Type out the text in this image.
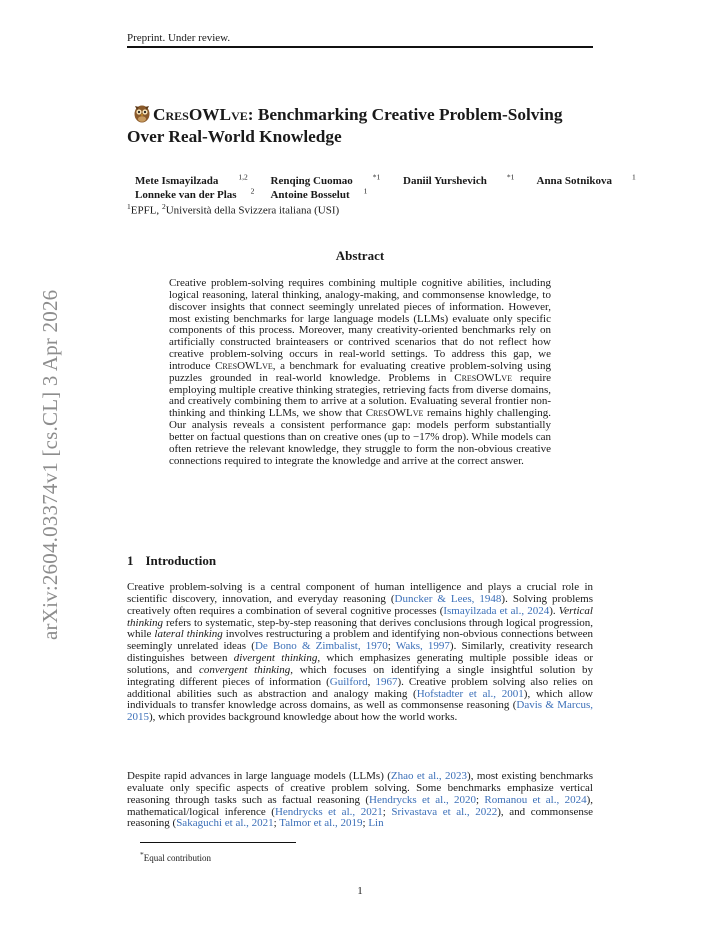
Preprint. Under review.
arXiv:2604.03374v1 [cs.CL] 3 Apr 2026
CresOWLve: Benchmarking Creative Problem-Solving
Over Real-World Knowledge
Mete Ismayilzada	$^{1,2}$ Renqing Cuomao	$^{*1}$ Daniil Yurshevich	$^{*1}$ Anna Sotnikova	$^1$
Lonneke van der Plas $^2$ Antoine Bosselut $^1$
$^1$EPFL, $^2$Università della Svizzera italiana (USI)
Abstract
Creative problem-solving requires combining multiple cognitive abilities, including logical reasoning, lateral thinking, analogy-making, and commonsense knowledge, to discover insights that connect seemingly unrelated pieces of information. However, most existing benchmarks for large language models (LLMs) evaluate only specific components of this process. Moreover, many creativity-oriented benchmarks rely on artificially constructed brainteasers or contrived scenarios that do not reflect how creative problem-solving occurs in real-world settings. To address this gap, we introduce CresOWLve, a benchmark for evaluating creative problem-solving using puzzles grounded in real-world knowledge. Problems in CresOWLve require employing multiple creative thinking strategies, retrieving facts from diverse domains, and creatively combining them to arrive at a solution. Evaluating several frontier non-thinking and thinking LLMs, we show that CresOWLve remains highly challenging. Our analysis reveals a consistent performance gap: models perform substantially better on factual questions than on creative ones (up to −17% drop). While models can often retrieve the relevant knowledge, they struggle to form the non-obvious creative connections required to integrate the knowledge and arrive at the correct answer.
1 Introduction
Creative problem-solving is a central component of human intelligence and plays a crucial role in scientific discovery, innovation, and everyday reasoning (Duncker & Lees, 1948). Solving problems creatively often requires a combination of several cognitive processes (Ismayilzada et al., 2024). Vertical thinking refers to systematic, step-by-step reasoning that derives conclusions through logical progression, while lateral thinking involves restructuring a problem and identifying non-obvious connections between seemingly unrelated ideas (De Bono & Zimbalist, 1970; Waks, 1997). Similarly, creativity research distinguishes between divergent thinking, which emphasizes generating multiple possible ideas or solutions, and convergent thinking, which focuses on identifying a single insightful solution by integrating different pieces of information (Guilford, 1967). Creative problem solving also relies on additional abilities such as abstraction and analogy making (Hofstadter et al., 2001), which allow individuals to transfer knowledge across domains, as well as commonsense reasoning (Davis & Marcus, 2015), which provides background knowledge about how the world works.
Despite rapid advances in large language models (LLMs) (Zhao et al., 2023), most existing benchmarks evaluate only specific aspects of creative problem solving. Some benchmarks emphasize vertical reasoning through tasks such as factual reasoning (Hendrycks et al., 2020; Romanou et al., 2024), mathematical/logical inference (Hendrycks et al., 2021; Srivastava et al., 2022), and commonsense reasoning (Sakaguchi et al., 2021; Talmor et al., 2019; Lin
*Equal contribution
1
